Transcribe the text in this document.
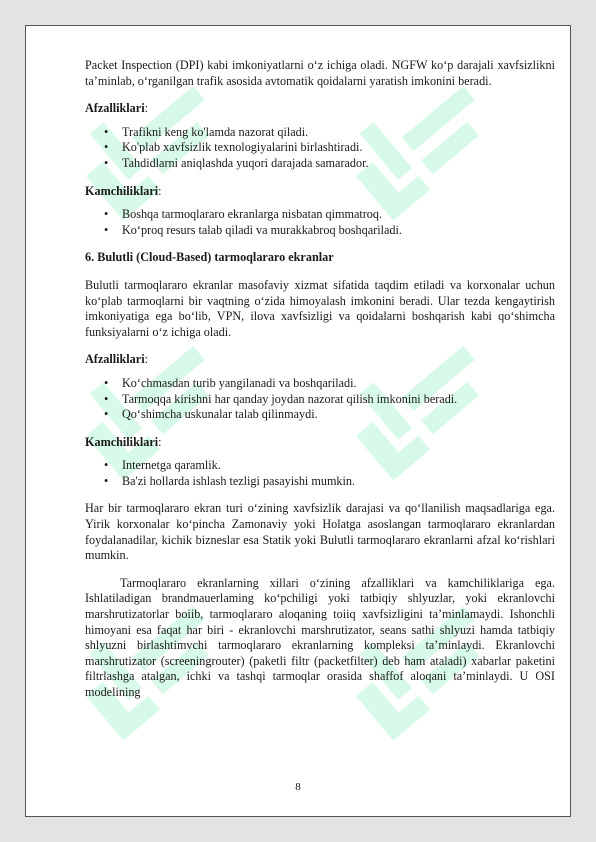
Packet Inspection (DPI) kabi imkoniyatlarni o‘z ichiga oladi. NGFW ko‘p darajali xavfsizlikni ta’minlab, o‘rganilgan trafik asosida avtomatik qoidalarni yaratish imkonini beradi.

Afzalliklari:

• Trafikni keng ko'lamda nazorat qiladi.
• Ko'plab xavfsizlik texnologiyalarini birlashtiradi.
• Tahdidlarni aniqlashda yuqori darajada samarador.

Kamchiliklari:

• Boshqa tarmoqlararo ekranlarga nisbatan qimmatroq.
• Ko‘proq resurs talab qiladi va murakkabroq boshqariladi.

6. Bulutli (Cloud-Based) tarmoqlararo ekranlar

Bulutli tarmoqlararo ekranlar masofaviy xizmat sifatida taqdim etiladi va korxonalar uchun ko‘plab tarmoqlarni bir vaqtning o‘zida himoyalash imkonini beradi. Ular tezda kengaytirish imkoniyatiga ega bo‘lib, VPN, ilova xavfsizligi va qoidalarni boshqarish kabi qo‘shimcha funksiyalarni o‘z ichiga oladi.

Afzalliklari:

• Ko‘chmasdan turib yangilanadi va boshqariladi.
• Tarmoqqa kirishni har qanday joydan nazorat qilish imkonini beradi.
• Qo‘shimcha uskunalar talab qilinmaydi.

Kamchiliklari:

• Internetga qaramlik.
• Ba'zi hollarda ishlash tezligi pasayishi mumkin.

Har bir tarmoqlararo ekran turi o‘zining xavfsizlik darajasi va qo‘llanilish maqsadlariga ega. Yirik korxonalar ko‘pincha Zamonaviy yoki Holatga asoslangan tarmoqlararo ekranlardan foydalanadilar, kichik bizneslar esa Statik yoki Bulutli tarmoqlararo ekranlarni afzal ko‘rishlari mumkin.

Tarmoqlararo ekranlarning xillari o‘zining afzalliklari va kamchiliklariga ega. Ishlatiladigan brandmauerlaming ko‘pchiligi yoki tatbiqiy shlyuzlar, yoki ekranlovchi marshrutizatorlar boiib, tarmoqlararo aloqaning toiiq xavfsizligini ta’minlamaydi. Ishonchli himoyani esa faqat har biri - ekranlovchi marshrutizator, seans sathi shlyuzi hamda tatbiqiy shlyuzni birlashtimvchi tarmoqlararo ekranlarning kompleksi ta’minlaydi. Ekranlovchi marshrutizator (screeningrouter) (paketli filtr (packetfilter) deb ham ataladi) xabarlar paketini filtrlashga atalgan, ichki va tashqi tarmoqlar orasida shaffof aloqani ta’minlaydi. U OSI modelining

8
